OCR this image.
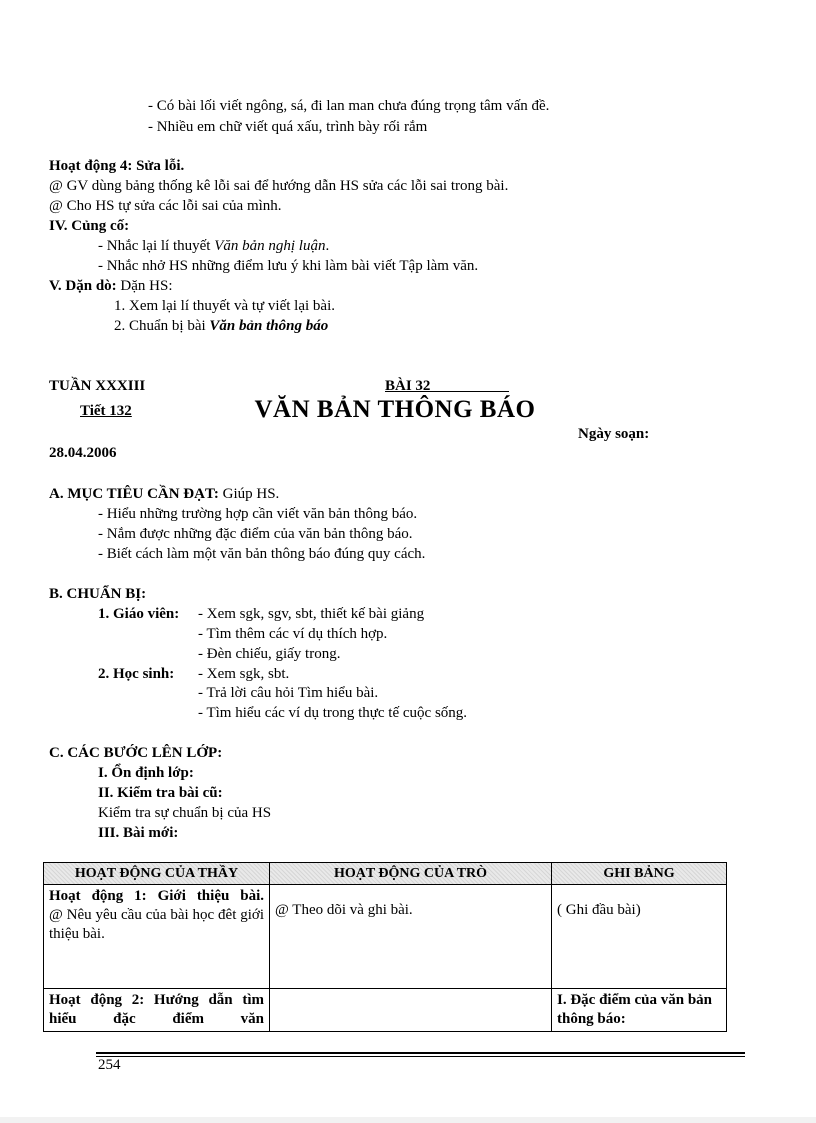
- Có bài lối viết ngông, sá, đi lan man chưa đúng trọng tâm vấn đề.
- Nhiều em chữ viết quá xấu, trình bày rối rắm
Hoạt động 4: Sửa lỗi.
@ GV dùng bảng thống kê lỗi sai để hướng dẫn HS sửa các lỗi sai trong bài.
@ Cho HS tự sửa các lỗi sai của mình.
IV. Củng cố:
- Nhắc lại lí thuyết Văn bản nghị luận.
- Nhắc nhở HS những điểm lưu ý khi làm bài viết Tập làm văn.
V. Dặn dò: Dặn HS:
1. Xem lại lí thuyết và tự viết lại bài.
2. Chuẩn bị bài Văn bản thông báo
TUẦN XXXIII
Tiết 132
BÀI 32
VĂN BẢN THÔNG BÁO
Ngày soạn:
28.04.2006
A. MỤC TIÊU CẦN ĐẠT: Giúp HS.
- Hiểu những trường hợp cần viết văn bản thông báo.
- Nắm được những đặc điểm của văn bản thông báo.
- Biết cách làm một văn bản thông báo đúng quy cách.
B. CHUẨN BỊ:
1. Giáo viên: - Xem sgk, sgv, sbt, thiết kế bài giảng
- Tìm thêm các ví dụ thích hợp.
- Đèn chiếu, giấy trong.
2. Học sinh: - Xem sgk, sbt.
- Trả lời câu hỏi Tìm hiểu bài.
- Tìm hiểu các ví dụ trong thực tế cuộc sống.
C. CÁC BƯỚC LÊN LỚP:
I. Ổn định lớp:
II. Kiểm tra bài cũ:
Kiểm tra sự chuẩn bị của HS
III. Bài mới:
HOẠT ĐỘNG CỦA THẦY	HOẠT ĐỘNG CỦA TRÒ	GHI BẢNG

Hoạt động 1: Giới thiệu bài.
@ Nêu yêu cầu của bài học đêt giới thiệu bài.	@ Theo dõi và ghi bài.	( Ghi đầu bài)

Hoạt động 2: Hướng dẫn tìm hiểu đặc điểm văn		I. Đặc điểm của văn bản thông báo:
254
